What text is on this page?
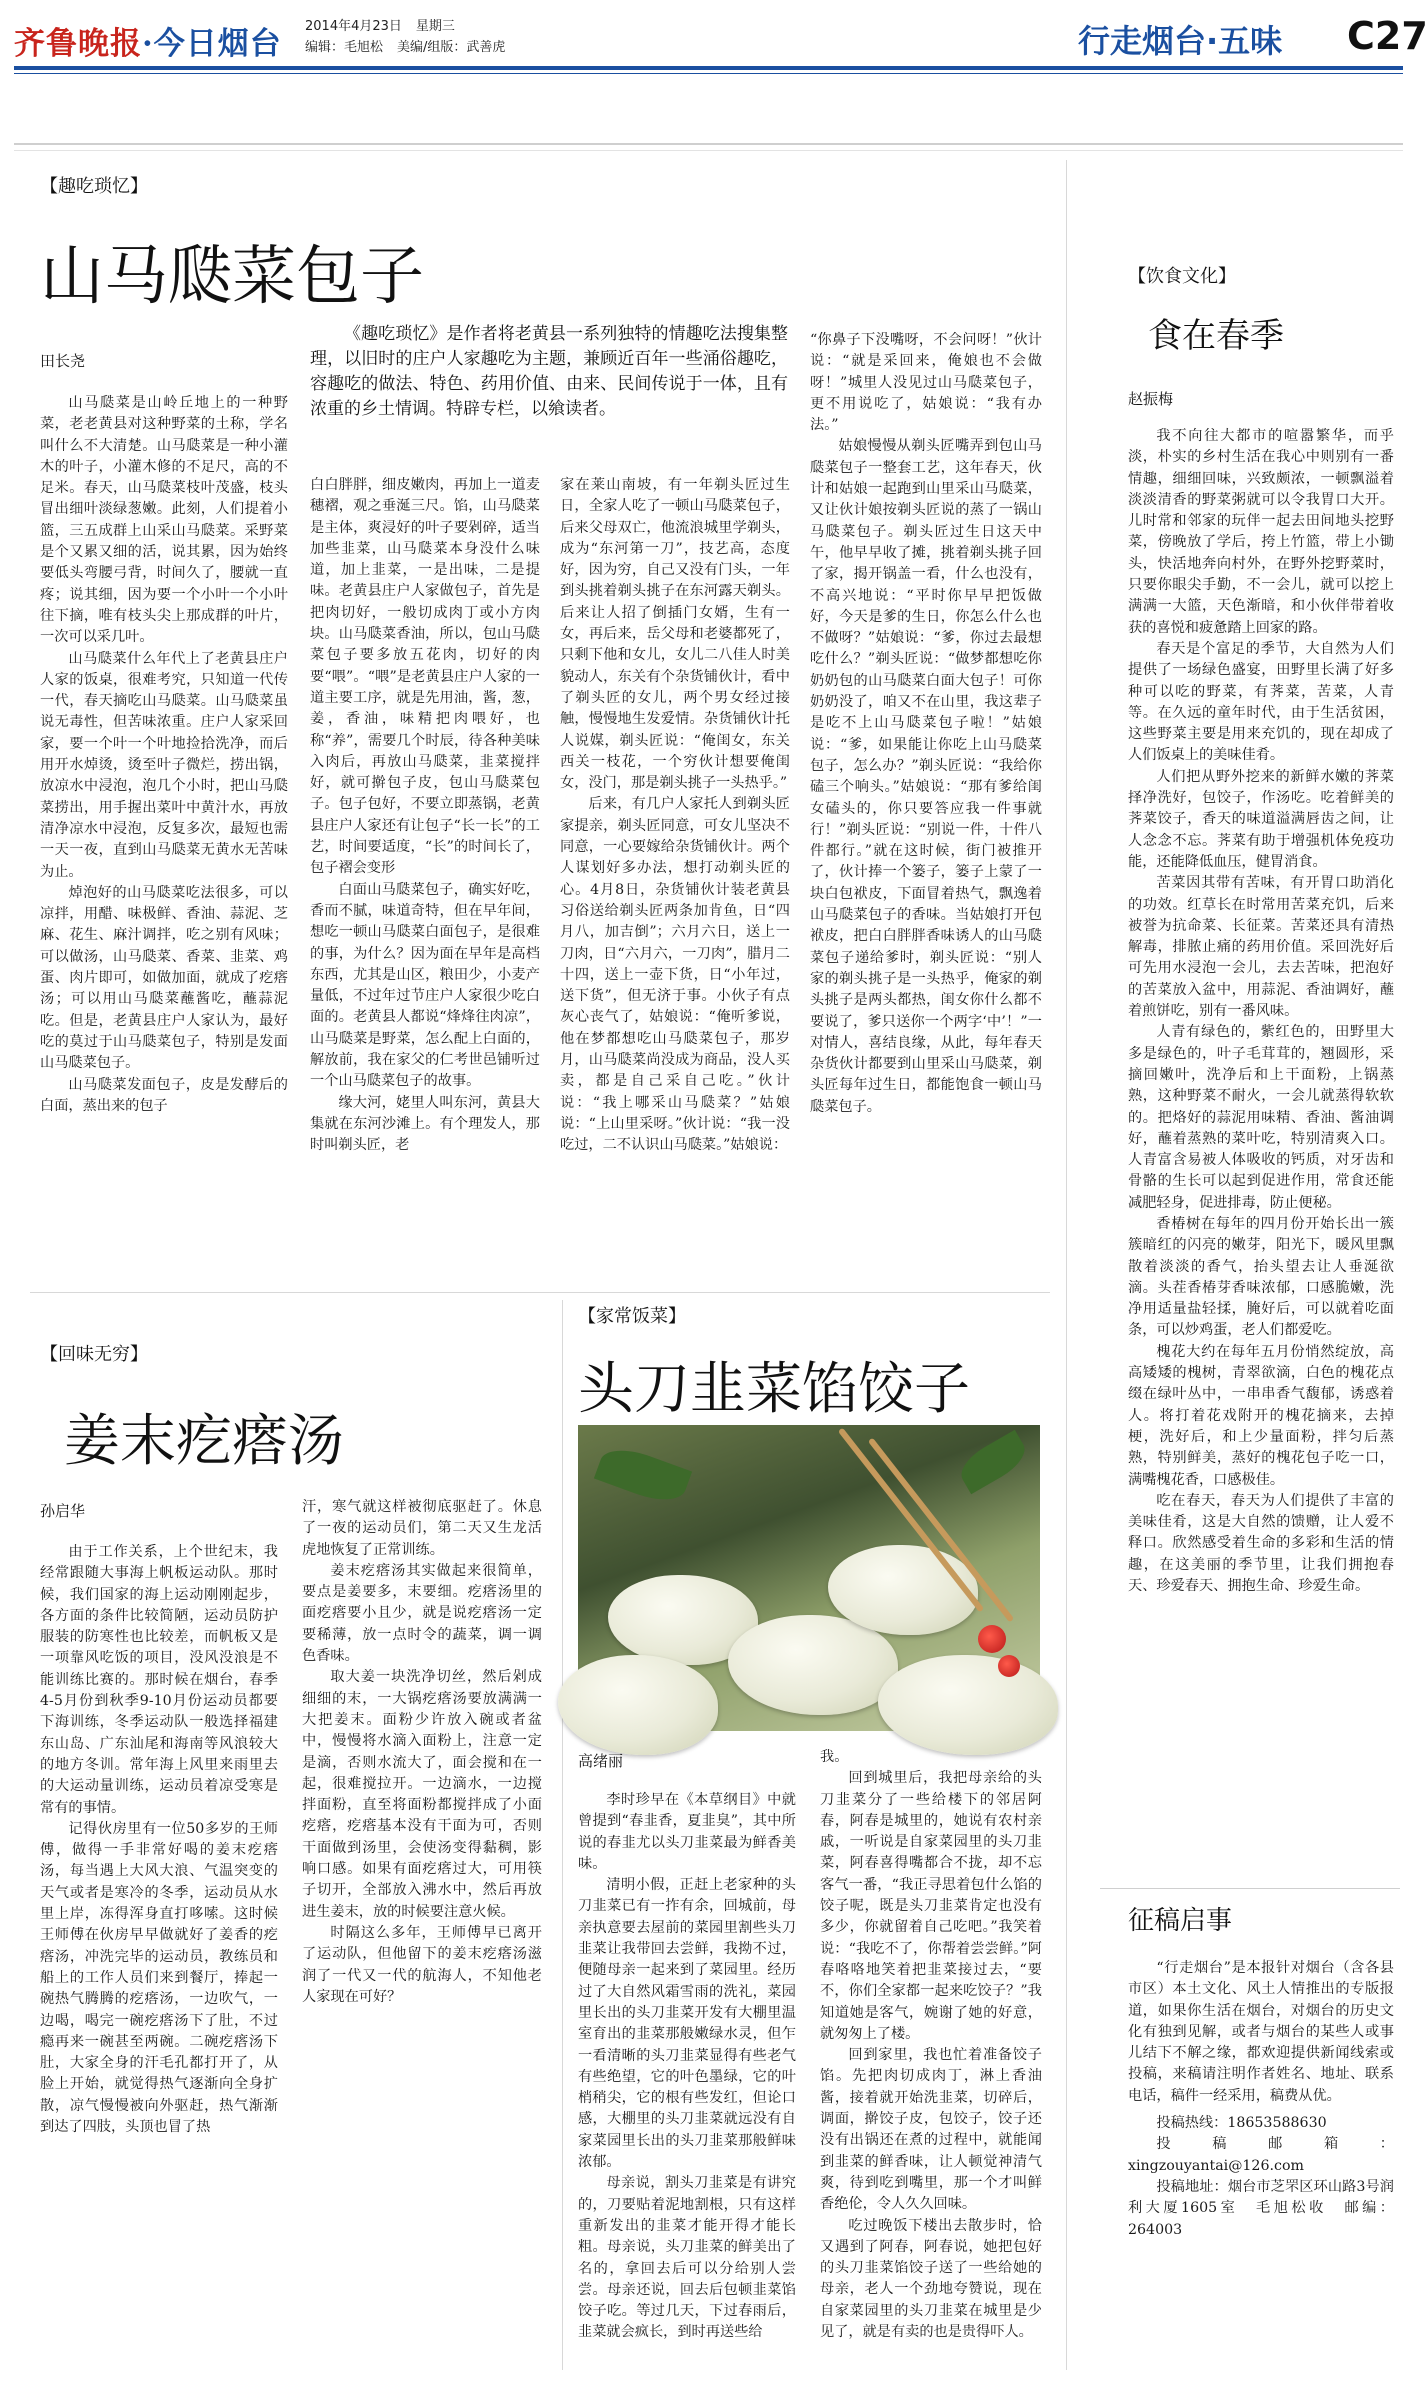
齐鲁晚报·今日烟台 2014年4月23日 星期三
编辑：毛旭松 美编/组版：武善虎	行走烟台·五味 C27
【趣吃琐忆】
山马瓞菜包子
田长尧
《趣吃琐忆》是作者将老黄县一系列独特的情趣吃法搜集整理，以旧时的庄户人家趣吃为主题，兼顾近百年一些涌俗趣吃，容趣吃的做法、特色、药用价值、由来、民间传说于一体，且有浓重的乡土情调。特辟专栏，以飨读者。

山马瓞菜是山岭丘地上的一种野菜，老老黄县对这种野菜的土称，学名叫什么不大清楚。山马瓞菜是一种小灌木的叶子，小灌木修的不足尺，高的不足米。春天，山马瓞菜枝叶茂盛，枝头冒出细叶淡绿葱嫩。此刻，人们提着小篮，三五成群上山采山马瓞菜。采野菜是个又累又细的活，说其累，因为始终要低头弯腰弓背，时间久了，腰就一直疼；说其细，因为要一个小叶一个小叶往下摘，唯有枝头尖上那成群的叶片，一次可以采几叶。

山马瓞菜什么年代上了老黄县庄户人家的饭桌，很难考究，只知道一代传一代，春天摘吃山马瓞菜。山马瓞菜虽说无毒性，但苦味浓重。庄户人家采回家，要一个叶一个叶地捡拾洗净，而后用开水焯烫，烫至叶子微烂，捞出锅，放凉水中浸泡，泡几个小时，把山马瓞菜捞出，用手握出菜叶中黄汁水，再放清净凉水中浸泡，反复多次，最短也需一天一夜，直到山马瓞菜无黄水无苦味为止。

焯泡好的山马瓞菜吃法很多，可以凉拌，用醋、味极鲜、香油、蒜泥、芝麻、花生、麻汁调拌，吃之别有风味；可以做汤，山马瓞菜、香菜、韭菜、鸡蛋、肉片即可，如做加面，就成了疙瘩汤；可以用山马瓞菜蘸酱吃，蘸蒜泥吃。但是，老黄县庄户人家认为，最好吃的莫过于山马瓞菜包子，特别是发面山马瓞菜包子。

山马瓞菜发面包子，皮是发酵后的白面，蒸出来的包子

白白胖胖，细皮嫩肉，再加上一道麦穗褶，观之垂涎三尺。馅，山马瓞菜是主体，爽浸好的叶子要剁碎，适当加些韭菜，山马瓞菜本身没什么味道，加上韭菜，一是出味，二是提味。老黄县庄户人家做包子，首先是把肉切好，一般切成肉丁或小方肉块。山马瓞菜香油，所以，包山马瓞菜包子要多放五花肉，切好的肉要“喂”。“喂”是老黄县庄户人家的一道主要工序，就是先用油，酱，葱，姜，香油，味精把肉喂好，也称“养”，需要几个时辰，待各种美味入肉后，再放山马瓞菜，韭菜搅拌好，就可擀包子皮，包山马瓞菜包子。包子包好，不要立即蒸锅，老黄县庄户人家还有让包子“长一长”的工艺，时间要适度，“长”的时间长了，包子褶会变形

白面山马瓞菜包子，确实好吃，香而不腻，味道奇特，但在早年间，想吃一顿山马瓞菜白面包子，是很难的事，为什么？因为面在早年是高档东西，尤其是山区，粮田少，小麦产量低，不过年过节庄户人家很少吃白面的。老黄县人都说“烽烽往肉凉”，山马瓞菜是野菜，怎么配上白面的，解放前，我在家父的仁考世邑铺听过一个山马瓞菜包子的故事。

缘大河，姥里人叫东河，黄县大集就在东河沙滩上。有个理发人，那时叫剃头匠，老

家在莱山南坡，有一年剃头匠过生日，全家人吃了一顿山马瓞菜包子，后来父母双亡，他流浪城里学剃头，成为“东河第一刀”，技艺高，态度好，因为穷，自己又没有门头，一年到头挑着剃头挑子在东河露天剃头。后来让人招了倒插门女婿，生有一女，再后来，岳父母和老婆都死了，只剩下他和女儿，女儿二八佳人时美貌动人，东关有个杂货铺伙计，看中了剃头匠的女儿，两个男女经过接触，慢慢地生发爱情。杂货铺伙计托人说媒，剃头匠说：“俺闺女，东关西关一枝花，一个穷伙计想要俺闺女，没门，那是剃头挑子一头热乎。”

后来，有几户人家托人到剃头匠家提亲，剃头匠同意，可女儿坚决不同意，一心要嫁给杂货铺伙计。两个人谋划好多办法，想打动剃头匠的心。4月8日，杂货铺伙计装老黄县习俗送给剃头匠两条加肯鱼，日“四月八，加吉倒”；六月六日，送上一刀肉，日“六月六，一刀肉”，腊月二十四，送上一壶下货，日“小年过，送下货”，但无济于事。小伙子有点灰心丧气了，姑娘说：“俺听爹说，他在梦都想吃山马瓞菜包子，那岁月，山马瓞菜尚没成为商品，没人买卖，都是自己采自己吃。”伙计说：“我上哪采山马瓞菜？”姑娘说：“上山里采呀。”伙计说：“我一没吃过，二不认识山马瓞菜。”姑娘说：

“你鼻子下没嘴呀，不会问呀！”伙计说：“就是采回来，俺娘也不会做呀！”城里人没见过山马瓞菜包子，更不用说吃了，姑娘说：“我有办法。”

姑娘慢慢从剃头匠嘴弄到包山马瓞菜包子一整套工艺，这年春天，伙计和姑娘一起跑到山里采山马瓞菜，又让伙计娘按剃头匠说的蒸了一锅山马瓞菜包子。剃头匠过生日这天中午，他早早收了摊，挑着剃头挑子回了家，揭开锅盖一看，什么也没有，不高兴地说：“平时你早早把饭做好，今天是爹的生日，你怎么什么也不做呀？”姑娘说：“爹，你过去最想吃什么？”剃头匠说：“做梦都想吃你奶奶包的山马瓞菜白面大包子！可你奶奶没了，咱又不在山里，我这辈子是吃不上山马瓞菜包子啦！”姑娘说：“爹，如果能让你吃上山马瓞菜包子，怎么办？”剃头匠说：“我给你磕三个响头。”姑娘说：“那有爹给闺女磕头的，你只要答应我一件事就行！”剃头匠说：“别说一件，十件八件都行。”就在这时候，街门被推开了，伙计捧一个篓子，篓子上蒙了一块白包袱皮，下面冒着热气，飘逸着山马瓞菜包子的香味。当姑娘打开包袱皮，把白白胖胖香味诱人的山马瓞菜包子递给爹时，剃头匠说：“别人家的剃头挑子是一头热乎，俺家的剃头挑子是两头都热，闺女你什么都不要说了，爹只送你一个两字‘中’！”一对情人，喜结良缘，从此，每年春天杂货伙计都要到山里采山马瓞菜，剃头匠每年过生日，都能饱食一顿山马瓞菜包子。

【回味无穷】
姜末疙瘩汤
孙启华

由于工作关系，上个世纪末，我经常跟随大事海上帆板运动队。那时候，我们国家的海上运动刚刚起步，各方面的条件比较简陋，运动员防护服装的防寒性也比较差，而帆板又是一项靠风吃饭的项目，没风没浪是不能训练比赛的。那时候在烟台，春季4-5月份到秋季9-10月份运动员都要下海训练，冬季运动队一般选择福建东山岛、广东汕尾和海南等风浪较大的地方冬训。常年海上风里来雨里去的大运动量训练，运动员着凉受寒是常有的事情。

记得伙房里有一位50多岁的王师傅，做得一手非常好喝的姜末疙瘩汤，每当遇上大风大浪、气温突变的天气或者是寒冷的冬季，运动员从水里上岸，冻得浑身直打哆嗦。这时候王师傅在伙房早早做就好了姜香的疙瘩汤，冲洗完毕的运动员，教练员和船上的工作人员们来到餐厅，捧起一碗热气腾腾的疙瘩汤，一边吹气，一边喝，喝完一碗疙瘩汤下了肚，不过瘾再来一碗甚至两碗。二碗疙瘩汤下肚，大家全身的汗毛孔都打开了，从脸上开始，就觉得热气逐渐向全身扩散，凉气慢慢被向外驱赶，热气渐渐到达了四肢，头顶也冒了热

汗，寒气就这样被彻底驱赶了。休息了一夜的运动员们，第二天又生龙活虎地恢复了正常训练。

姜末疙瘩汤其实做起来很简单，要点是姜要多，末要细。疙瘩汤里的面疙瘩要小且少，就是说疙瘩汤一定要稀薄，放一点时令的蔬菜，调一调色香味。

取大姜一块洗净切丝，然后剁成细细的末，一大锅疙瘩汤要放满满一大把姜末。面粉少许放入碗或者盆中，慢慢将水滴入面粉上，注意一定是滴，否则水流大了，面会搅和在一起，很难搅拉开。一边滴水，一边搅拌面粉，直至将面粉都搅拌成了小面疙瘩，疙瘩基本没有干面为可，否则干面做到汤里，会使汤变得黏稠，影响口感。如果有面疙瘩过大，可用筷子切开，全部放入沸水中，然后再放进生姜末，放的时候要注意火候。

时隔这么多年，王师傅早已离开了运动队，但他留下的姜末疙瘩汤滋润了一代又一代的航海人，不知他老人家现在可好？

【家常饭菜】
头刀韭菜馅饺子
高绪丽

李时珍早在《本草纲目》中就曾提到“春韭香，夏韭臭”，其中所说的春韭尤以头刀韭菜最为鲜香美味。

清明小假，正赶上老家种的头刀韭菜已有一拃有余，回城前，母亲执意要去屋前的菜园里割些头刀韭菜让我带回去尝鲜，我拗不过，便随母亲一起来到了菜园里。经历过了大自然风霜雪雨的洗礼，菜园里长出的头刀韭菜开发有大棚里温室育出的韭菜那般嫩绿水灵，但乍一看清晰的头刀韭菜显得有些老气有些绝望，它的叶色墨绿，它的叶梢稍尖，它的根有些发红，但论口感，大棚里的头刀韭菜就远没有自家菜园里长出的头刀韭菜那般鲜味浓郁。

母亲说，割头刀韭菜是有讲究的，刀要贴着泥地割根，只有这样重新发出的韭菜才能开得才能长粗。母亲说，头刀韭菜的鲜美出了名的，拿回去后可以分给别人尝尝。母亲还说，回去后包顿韭菜馅饺子吃。等过几天，下过春雨后，韭菜就会疯长，到时再送些给

我。

回到城里后，我把母亲给的头刀韭菜分了一些给楼下的邻居阿春，阿春是城里的，她说有农村亲戚，一听说是自家菜园里的头刀韭菜，阿春喜得嘴都合不拢，却不忘客气一番，“我正寻思着包什么馅的饺子呢，既是头刀韭菜肯定也没有多少，你就留着自己吃吧。”我笑着说：“我吃不了，你帮着尝尝鲜。”阿春咯咯地笑着把韭菜接过去，“要不，你们全家都一起来吃饺子？”我知道她是客气，婉谢了她的好意，就匆匆上了楼。

回到家里，我也忙着准备饺子馅。先把肉切成肉丁，淋上香油酱，接着就开始洗韭菜，切碎后，调面，擀饺子皮，包饺子，饺子还没有出锅还在煮的过程中，就能闻到韭菜的鲜香味，让人顿觉神清气爽，待到吃到嘴里，那一个才叫鲜香绝伦，令人久久回味。

吃过晚饭下楼出去散步时，恰又遇到了阿春，阿春说，她把包好的头刀韭菜馅饺子送了一些给她的母亲，老人一个劲地夸赞说，现在自家菜园里的头刀韭菜在城里是少见了，就是有卖的也是贵得吓人。

【饮食文化】
食在春季
赵振梅

我不向往大都市的喧嚣繁华，而乎淡，朴实的乡村生活在我心中则别有一番情趣，细细回味，兴致颇浓，一顿飘溢着淡淡清香的野菜粥就可以令我胃口大开。儿时常和邻家的玩伴一起去田间地头挖野菜，傍晚放了学后，挎上竹篮，带上小锄头，快活地奔向村外，在野外挖野菜时，只要你眼尖手勤，不一会儿，就可以挖上满满一大篮，天色渐暗，和小伙伴带着收获的喜悦和疲惫踏上回家的路。

春天是个富足的季节，大自然为人们提供了一场绿色盛宴，田野里长满了好多种可以吃的野菜，有荠菜，苦菜，人青等。在久远的童年时代，由于生活贫困，这些野菜主要是用来充饥的，现在却成了人们饭桌上的美味佳肴。

人们把从野外挖来的新鲜水嫩的荠菜择净洗好，包饺子，作汤吃。吃着鲜美的荠菜饺子，香天的味道溢满唇齿之间，让人念念不忘。荠菜有助于增强机体免疫功能，还能降低血压，健胃消食。

苦菜因其带有苦味，有开胃口助消化的功效。红草长在时常用苦菜充饥，后来被誉为抗命菜、长征菜。苦菜还具有清热解毒，排脓止痛的药用价值。采回洗好后可先用水浸泡一会儿，去去苦味，把泡好的苦菜放入盆中，用蒜泥、香油调好，蘸着煎饼吃，别有一番风味。

人青有绿色的，紫红色的，田野里大多是绿色的，叶子毛茸茸的，翘圆形，采摘回嫩叶，洗净后和上干面粉，上锅蒸熟，这种野菜不耐火，一会儿就蒸得软软的。把烙好的蒜泥用味精、香油、酱油调好，蘸着蒸熟的菜叶吃，特别清爽入口。人青富含易被人体吸收的钙质，对牙齿和骨骼的生长可以起到促进作用，常食还能减肥轻身，促进排毒，防止便秘。

香椿树在每年的四月份开始长出一簇簇暗红的闪亮的嫩芽，阳光下，暖风里飘散着淡淡的香气，抬头望去让人垂涎欲滴。头茬香椿芽香味浓郁，口感脆嫩，洗净用适量盐轻揉，腌好后，可以就着吃面条，可以炒鸡蛋，老人们都爱吃。

槐花大约在每年五月份悄然绽放，高高矮矮的槐树，青翠欲滴，白色的槐花点缀在绿叶丛中，一串串香气馥郁，诱惑着人。将打着花戏附开的槐花摘来，去掉梗，洗好后，和上少量面粉，拌匀后蒸熟，特别鲜美，蒸好的槐花包子吃一口，满嘴槐花香，口感极佳。

吃在春天，春天为人们提供了丰富的美味佳肴，这是大自然的馈赠，让人爱不释口。欣然感受着生命的多彩和生活的情趣，在这美丽的季节里，让我们拥抱春天、珍爱春天、拥抱生命、珍爱生命。

征稿启事

“行走烟台”是本报针对烟台（含各县市区）本土文化、风土人情推出的专版报道，如果你生活在烟台，对烟台的历史文化有独到见解，或者与烟台的某些人或事儿结下不解之缘，都欢迎提供新闻线索或投稿，来稿请注明作者姓名、地址、联系电话，稿件一经采用，稿费从优。

投稿热线：18653588630

投稿邮箱：xingzouyantai@126.com

投稿地址：烟台市芝罘区环山路3号润利大厦1605室　毛旭松收　邮编：264003
